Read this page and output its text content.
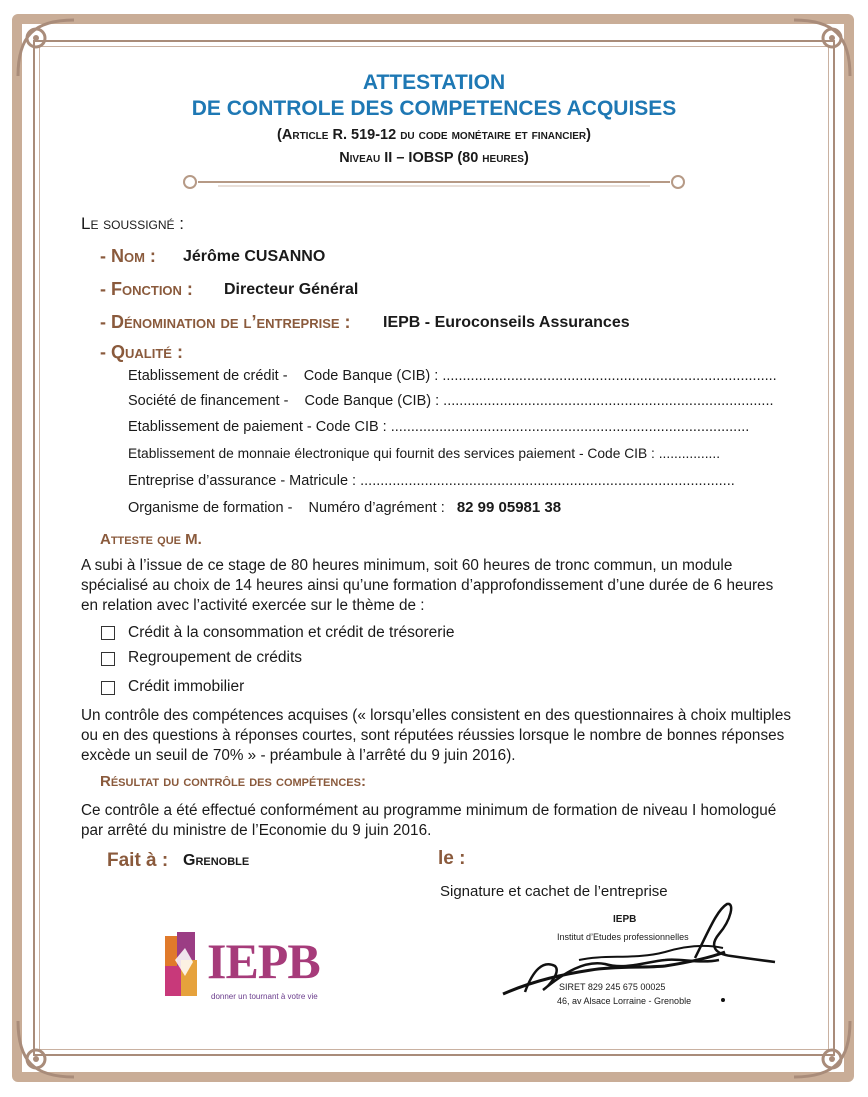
ATTESTATION
DE CONTROLE DES COMPETENCES ACQUISES
(Article R. 519-12 du code monétaire et financier)
Niveau II – IOBSP (80 heures)
Le soussigné :
- Nom : Jérôme CUSANNO
- Fonction : Directeur Général
- Dénomination de l’entreprise : IEPB - Euroconseils Assurances
- Qualité :
Etablissement de crédit - Code Banque (CIB) : ...................................................................................
Société de financement - Code Banque (CIB) : ..................................................................................
Etablissement de paiement - Code CIB : .........................................................................................
Etablissement de monnaie électronique qui fournit des services paiement - Code CIB : ................
Entreprise d’assurance - Matricule : .............................................................................................
Organisme de formation - Numéro d’agrément : 82 99 05981 38
Atteste que M.
A subi à l’issue de ce stage de 80 heures minimum, soit 60 heures de tronc commun, un module spécialisé au choix de 14 heures ainsi qu’une formation d’approfondissement d’une durée de 6 heures en relation avec l’activité exercée sur le thème de :
Crédit à la consommation et crédit de trésorerie
Regroupement de crédits
Crédit immobilier
Un contrôle des compétences acquises (« lorsqu’elles consistent en des questionnaires à choix multiples ou en des questions à réponses courtes, sont réputées réussies lorsque le nombre de bonnes réponses excède un seuil de 70% » - préambule à l’arrêté du 9 juin 2016).
Résultat du contrôle des compétences:
Ce contrôle a été effectué conformément au programme minimum de formation de niveau I homologué par arrêté du ministre de l’Economie du 9 juin 2016.
Fait à : Grenoble	le :
Signature et cachet de l’entreprise
IEPB
donner un tournant à votre vie
IEPB
Institut d’Etudes professionnelles
SIRET 829 245 675 00025
46, av Alsace Lorraine - Grenoble
